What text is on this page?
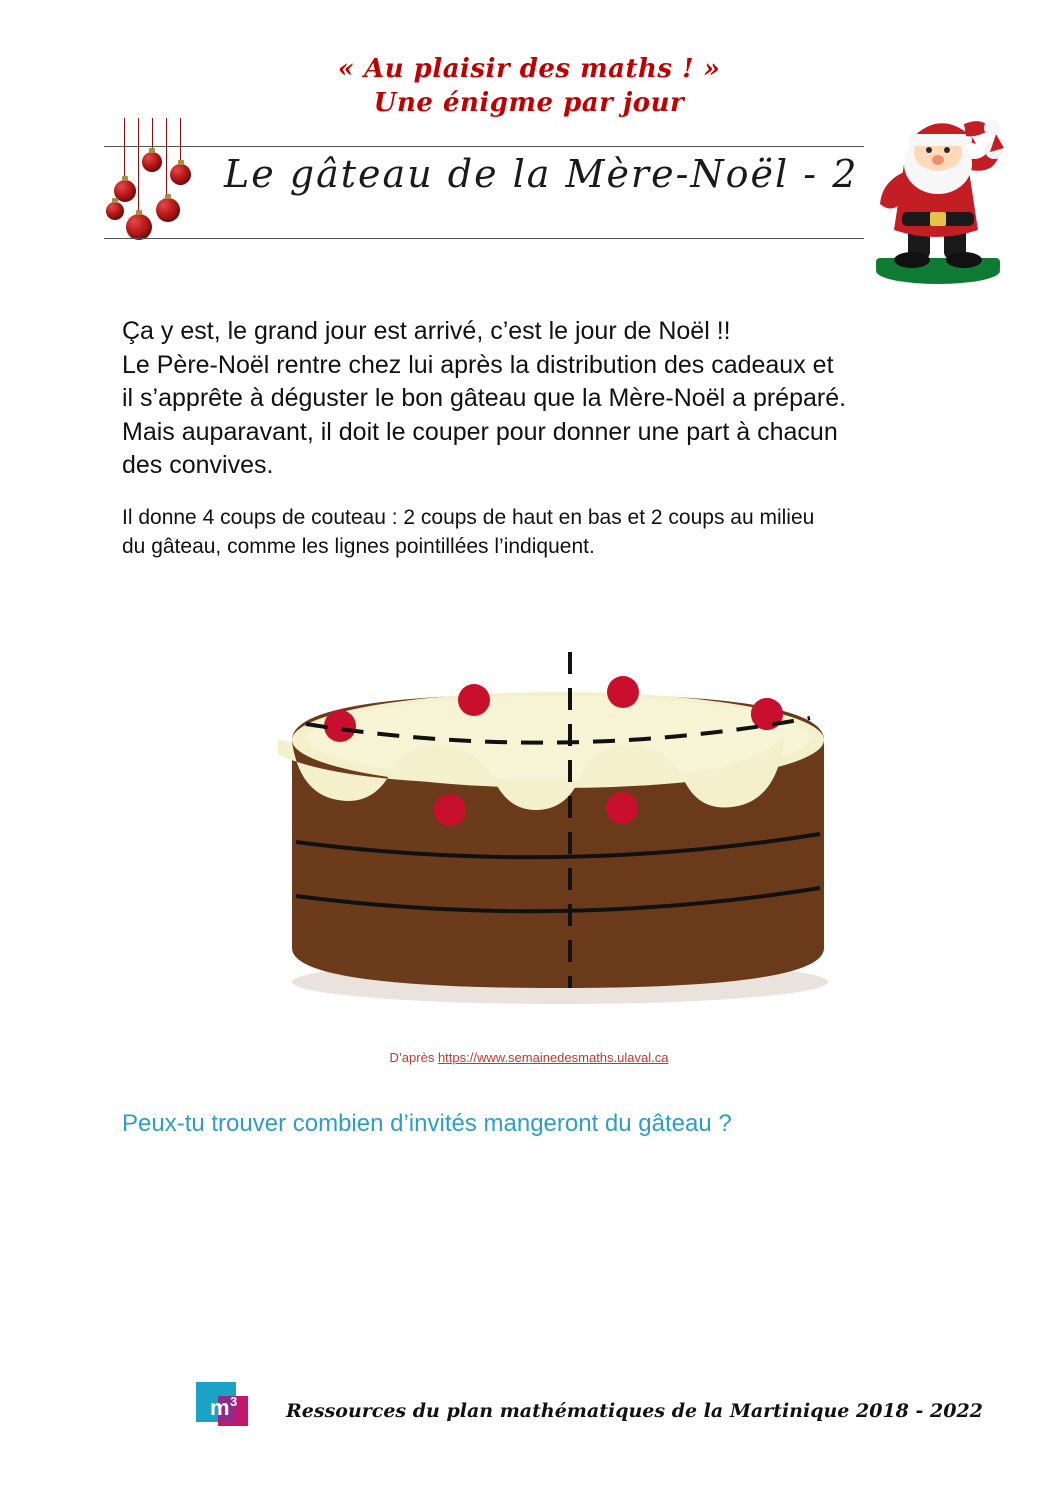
« Au plaisir des maths ! »
Une énigme par jour
Le gâteau de la Mère-Noël - 2
Ça y est, le grand jour est arrivé, c’est le jour de Noël !!
Le Père-Noël rentre chez lui après la distribution des cadeaux et
il s’apprête à déguster le bon gâteau que la Mère-Noël a préparé.
Mais auparavant, il doit le couper pour donner une part à chacun
des convives.
Il donne 4 coups de couteau : 2 coups de haut en bas et 2 coups au milieu
du gâteau, comme les lignes pointillées l’indiquent.
D’après https://www.semainedesmaths.ulaval.ca
Peux-tu trouver combien d’invités mangeront du gâteau ?
m 3	Ressources du plan mathématiques de la Martinique 2018 - 2022
